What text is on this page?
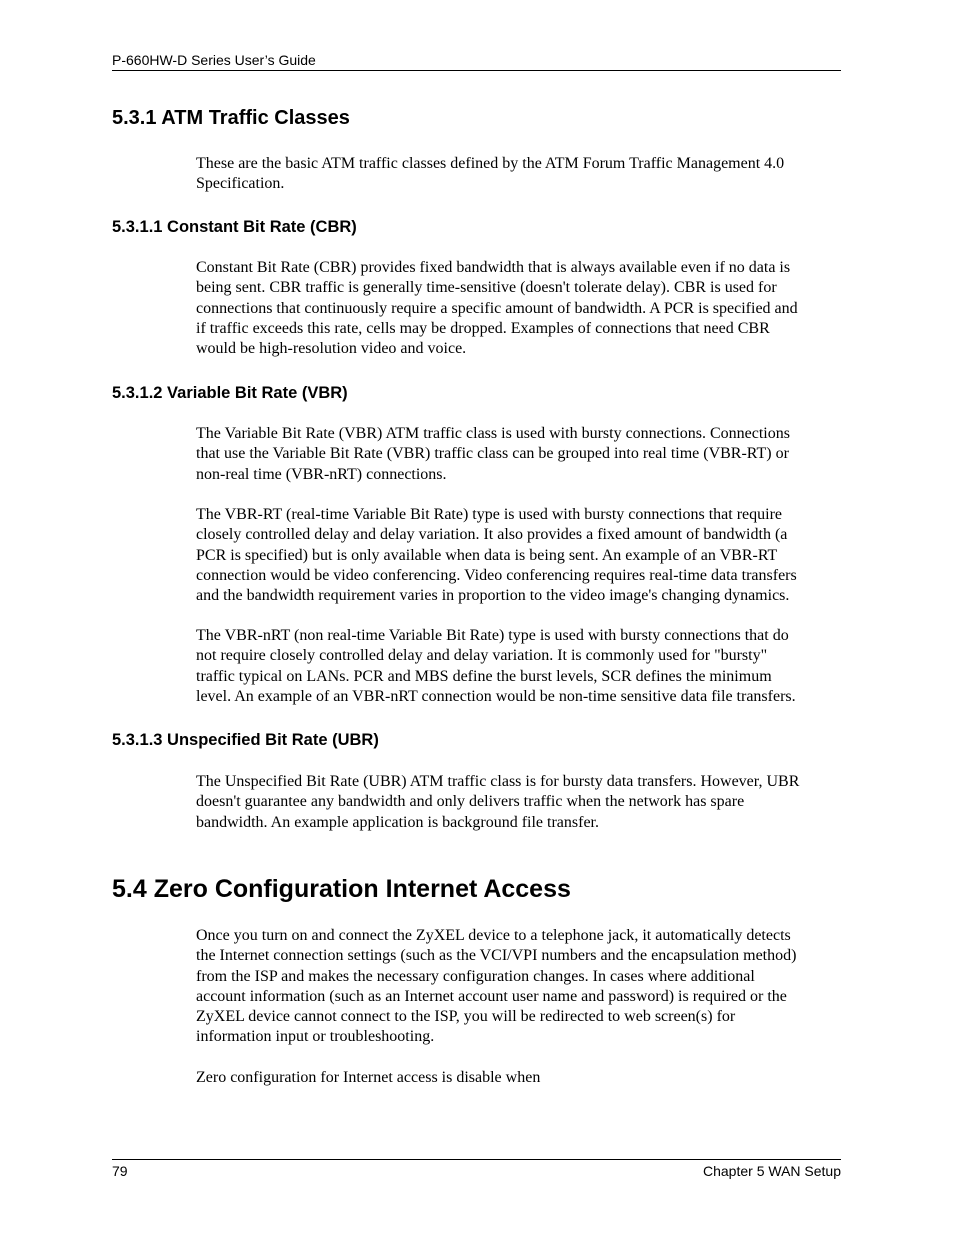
P-660HW-D Series User’s Guide
5.3.1 ATM Traffic Classes
These are the basic ATM traffic classes defined by the ATM Forum Traffic Management 4.0
Specification.
5.3.1.1 Constant Bit Rate (CBR)
Constant Bit Rate (CBR) provides fixed bandwidth that is always available even if no data is
being sent. CBR traffic is generally time-sensitive (doesn't tolerate delay). CBR is used for
connections that continuously require a specific amount of bandwidth. A PCR is specified and
if traffic exceeds this rate, cells may be dropped. Examples of connections that need CBR
would be high-resolution video and voice.
5.3.1.2 Variable Bit Rate (VBR)
The Variable Bit Rate (VBR) ATM traffic class is used with bursty connections. Connections
that use the Variable Bit Rate (VBR) traffic class can be grouped into real time (VBR-RT) or
non-real time (VBR-nRT) connections.
The VBR-RT (real-time Variable Bit Rate) type is used with bursty connections that require
closely controlled delay and delay variation. It also provides a fixed amount of bandwidth (a
PCR is specified) but is only available when data is being sent. An example of an VBR-RT
connection would be video conferencing. Video conferencing requires real-time data transfers
and the bandwidth requirement varies in proportion to the video image's changing dynamics.
The VBR-nRT (non real-time Variable Bit Rate) type is used with bursty connections that do
not require closely controlled delay and delay variation. It is commonly used for "bursty"
traffic typical on LANs. PCR and MBS define the burst levels, SCR defines the minimum
level. An example of an VBR-nRT connection would be non-time sensitive data file transfers.
5.3.1.3 Unspecified Bit Rate (UBR)
The Unspecified Bit Rate (UBR) ATM traffic class is for bursty data transfers. However, UBR
doesn't guarantee any bandwidth and only delivers traffic when the network has spare
bandwidth. An example application is background file transfer.
5.4 Zero Configuration Internet Access
Once you turn on and connect the ZyXEL device to a telephone jack, it automatically detects
the Internet connection settings (such as the VCI/VPI numbers and the encapsulation method)
from the ISP and makes the necessary configuration changes. In cases where additional
account information (such as an Internet account user name and password) is required or the
ZyXEL device cannot connect to the ISP, you will be redirected to web screen(s) for
information input or troubleshooting.
Zero configuration for Internet access is disable when
79	Chapter 5 WAN Setup
